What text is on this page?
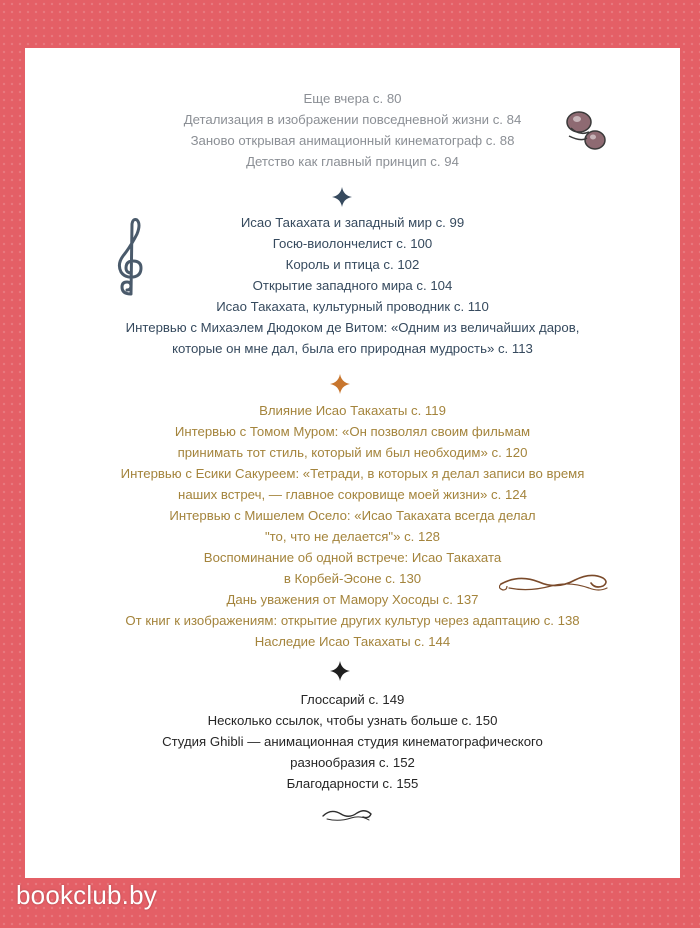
Еще вчера с. 80
Детализация в изображении повседневной жизни с. 84
Заново открывая анимационный кинематограф с. 88
Детство как главный принцип с. 94
Исао Такахата и западный мир с. 99
Госю-виолончелист с. 100
Король и птица с. 102
Открытие западного мира с. 104
Исао Такахата, культурный проводник с. 110
Интервью с Михаэлем Дюдоком де Витом: «Одним из величайших даров,
которые он мне дал, была его природная мудрость» с. 113
Влияние Исао Такахаты с. 119
Интервью с Томом Муром: «Он позволял своим фильмам
принимать тот стиль, который им был необходим» с. 120
Интервью с Есики Сакуреем: «Тетради, в которых я делал записи во время
наших встреч, — главное сокровище моей жизни» с. 124
Интервью с Мишелем Осело: «Исао Такахата всегда делал
"то, что не делается"» с. 128
Воспоминание об одной встрече: Исао Такахата
в Корбей-Эсоне с. 130
Дань уважения от Мамору Хосоды с. 137
От книг к изображениям: открытие других культур через адаптацию с. 138
Наследие Исао Такахаты с. 144
Глоссарий с. 149
Несколько ссылок, чтобы узнать больше с. 150
Студия Ghibli — анимационная студия кинематографического
разнообразия с. 152
Благодарности с. 155
bookclub.by
